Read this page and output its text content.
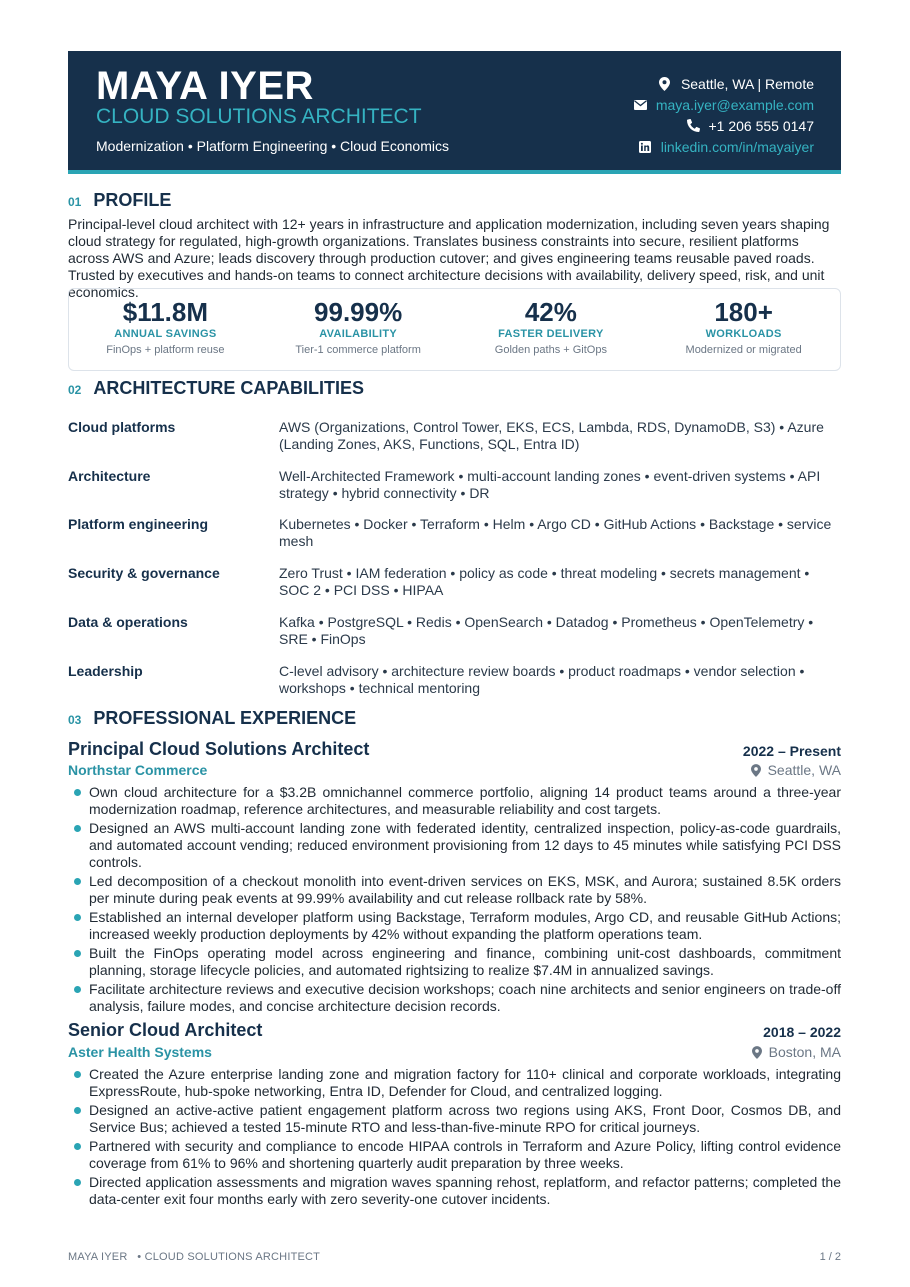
MAYA IYER
CLOUD SOLUTIONS ARCHITECT
Modernization • Platform Engineering • Cloud Economics
Seattle, WA | Remote
maya.iyer@example.com
+1 206 555 0147
linkedin.com/in/mayaiyer
01 PROFILE
Principal-level cloud architect with 12+ years in infrastructure and application modernization, including seven years shaping cloud strategy for regulated, high-growth organizations. Translates business constraints into secure, resilient platforms across AWS and Azure; leads discovery through production cutover; and gives engineering teams reusable paved roads. Trusted by executives and hands-on teams to connect architecture decisions with availability, delivery speed, risk, and unit economics.
$11.8M
ANNUAL SAVINGS
FinOps + platform reuse
99.99%
AVAILABILITY
Tier-1 commerce platform
42%
FASTER DELIVERY
Golden paths + GitOps
180+
WORKLOADS
Modernized or migrated
02 ARCHITECTURE CAPABILITIES
Cloud platforms	AWS (Organizations, Control Tower, EKS, ECS, Lambda, RDS, DynamoDB, S3) • Azure (Landing Zones, AKS, Functions, SQL, Entra ID)
Architecture	Well-Architected Framework • multi-account landing zones • event-driven systems • API strategy • hybrid connectivity • DR
Platform engineering	Kubernetes • Docker • Terraform • Helm • Argo CD • GitHub Actions • Backstage • service mesh
Security & governance	Zero Trust • IAM federation • policy as code • threat modeling • secrets management • SOC 2 • PCI DSS • HIPAA
Data & operations	Kafka • PostgreSQL • Redis • OpenSearch • Datadog • Prometheus • OpenTelemetry • SRE • FinOps
Leadership	C-level advisory • architecture review boards • product roadmaps • vendor selection • workshops • technical mentoring
03 PROFESSIONAL EXPERIENCE
Principal Cloud Solutions Architect	2022 – Present
Northstar Commerce	Seattle, WA
Own cloud architecture for a $3.2B omnichannel commerce portfolio, aligning 14 product teams around a three-year modernization roadmap, reference architectures, and measurable reliability and cost targets.
Designed an AWS multi-account landing zone with federated identity, centralized inspection, policy-as-code guardrails, and automated account vending; reduced environment provisioning from 12 days to 45 minutes while satisfying PCI DSS controls.
Led decomposition of a checkout monolith into event-driven services on EKS, MSK, and Aurora; sustained 8.5K orders per minute during peak events at 99.99% availability and cut release rollback rate by 58%.
Established an internal developer platform using Backstage, Terraform modules, Argo CD, and reusable GitHub Actions; increased weekly production deployments by 42% without expanding the platform operations team.
Built the FinOps operating model across engineering and finance, combining unit-cost dashboards, commitment planning, storage lifecycle policies, and automated rightsizing to realize $7.4M in annualized savings.
Facilitate architecture reviews and executive decision workshops; coach nine architects and senior engineers on trade-off analysis, failure modes, and concise architecture decision records.
Senior Cloud Architect	2018 – 2022
Aster Health Systems	Boston, MA
Created the Azure enterprise landing zone and migration factory for 110+ clinical and corporate workloads, integrating ExpressRoute, hub-spoke networking, Entra ID, Defender for Cloud, and centralized logging.
Designed an active-active patient engagement platform across two regions using AKS, Front Door, Cosmos DB, and Service Bus; achieved a tested 15-minute RTO and less-than-five-minute RPO for critical journeys.
Partnered with security and compliance to encode HIPAA controls in Terraform and Azure Policy, lifting control evidence coverage from 61% to 96% and shortening quarterly audit preparation by three weeks.
Directed application assessments and migration waves spanning rehost, replatform, and refactor patterns; completed the data-center exit four months early with zero severity-one cutover incidents.
MAYA IYER • CLOUD SOLUTIONS ARCHITECT	1 / 2
